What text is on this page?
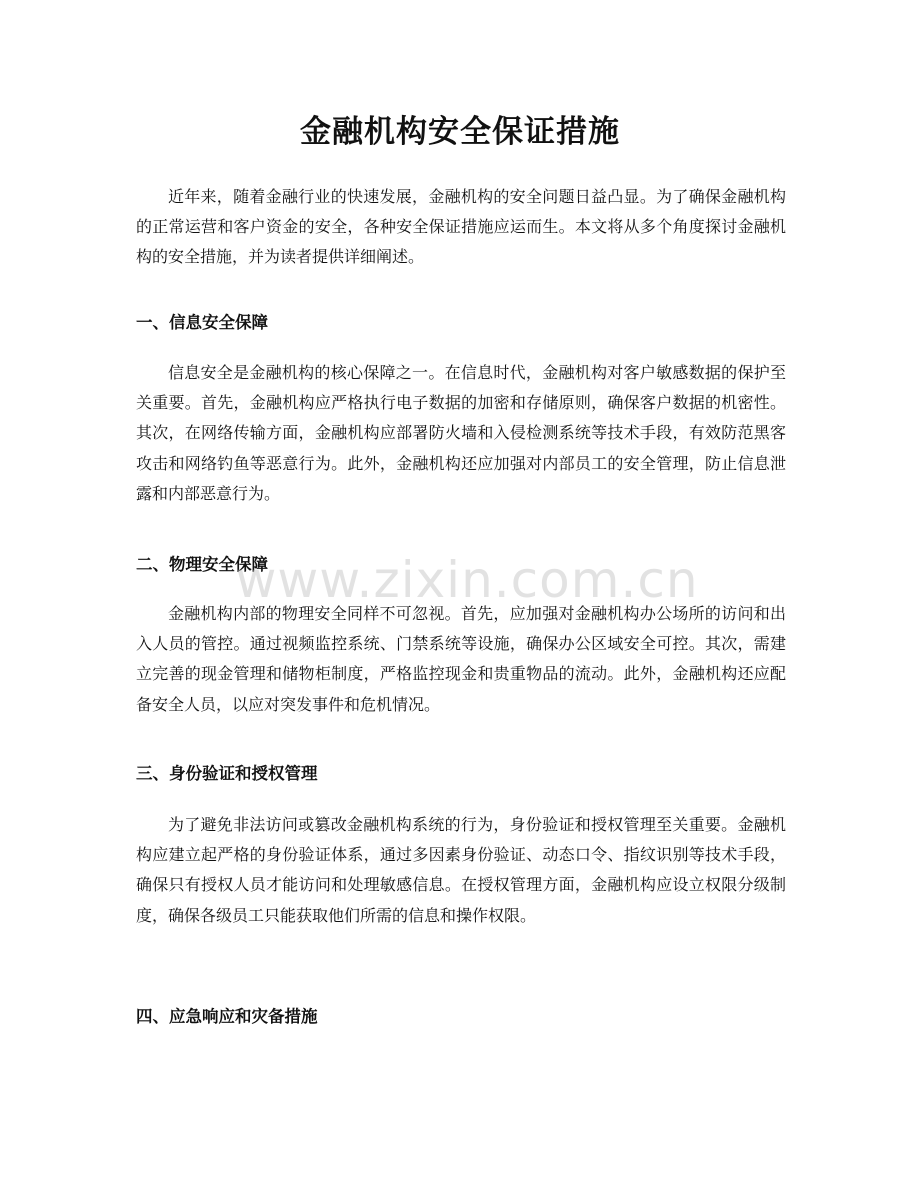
金融机构安全保证措施

近年来，随着金融行业的快速发展，金融机构的安全问题日益凸显。为了确保金融机构的正常运营和客户资金的安全，各种安全保证措施应运而生。本文将从多个角度探讨金融机构的安全措施，并为读者提供详细阐述。

一、信息安全保障

信息安全是金融机构的核心保障之一。在信息时代，金融机构对客户敏感数据的保护至关重要。首先，金融机构应严格执行电子数据的加密和存储原则，确保客户数据的机密性。其次，在网络传输方面，金融机构应部署防火墙和入侵检测系统等技术手段，有效防范黑客攻击和网络钓鱼等恶意行为。此外，金融机构还应加强对内部员工的安全管理，防止信息泄露和内部恶意行为。

二、物理安全保障

金融机构内部的物理安全同样不可忽视。首先，应加强对金融机构办公场所的访问和出入人员的管控。通过视频监控系统、门禁系统等设施，确保办公区域安全可控。其次，需建立完善的现金管理和储物柜制度，严格监控现金和贵重物品的流动。此外，金融机构还应配备安全人员，以应对突发事件和危机情况。

三、身份验证和授权管理

为了避免非法访问或篡改金融机构系统的行为，身份验证和授权管理至关重要。金融机构应建立起严格的身份验证体系，通过多因素身份验证、动态口令、指纹识别等技术手段，确保只有授权人员才能访问和处理敏感信息。在授权管理方面，金融机构应设立权限分级制度，确保各级员工只能获取他们所需的信息和操作权限。

四、应急响应和灾备措施
www.zixin.com.cn
